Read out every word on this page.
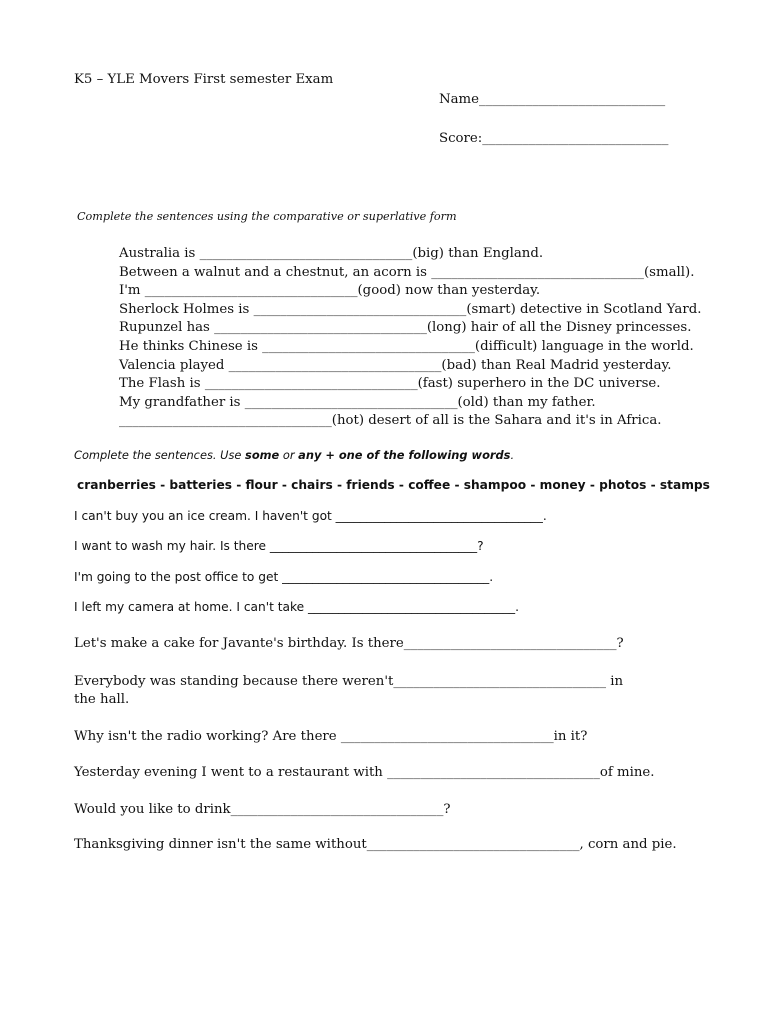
K5 – YLE Movers First semester Exam
Name____________________________
Score:____________________________
Complete the sentences using the comparative or superlative form
Australia is ________________________________(big) than England.
Between a walnut and a chestnut, an acorn is ________________________________(small).
I'm ________________________________(good) now than yesterday.
Sherlock Holmes is ________________________________(smart) detective in Scotland Yard.
Rupunzel has ________________________________(long) hair of all the Disney princesses.
He thinks Chinese is ________________________________(difficult) language in the world.
Valencia played ________________________________(bad) than Real Madrid yesterday.
The Flash is ________________________________(fast) superhero in the DC universe.
My grandfather is ________________________________(old) than my father.
________________________________(hot) desert of all is the Sahara and it's in Africa.
Complete the sentences. Use some or any + one of the following words.
cranberries - batteries - flour - chairs - friends - coffee - shampoo - money - photos - stamps
I can't buy you an ice cream. I haven't got __________________________________.
I want to wash my hair. Is there __________________________________?
I'm going to the post office to get __________________________________.
I left my camera at home. I can't take __________________________________.
Let's make a cake for Javante's birthday. Is there________________________________?
Everybody was standing because there weren't________________________________ in the hall.
Why isn't the radio working? Are there ________________________________in it?
Yesterday evening I went to a restaurant with ________________________________of mine.
Would you like to drink________________________________?
Thanksgiving dinner isn't the same without________________________________, corn and pie.
